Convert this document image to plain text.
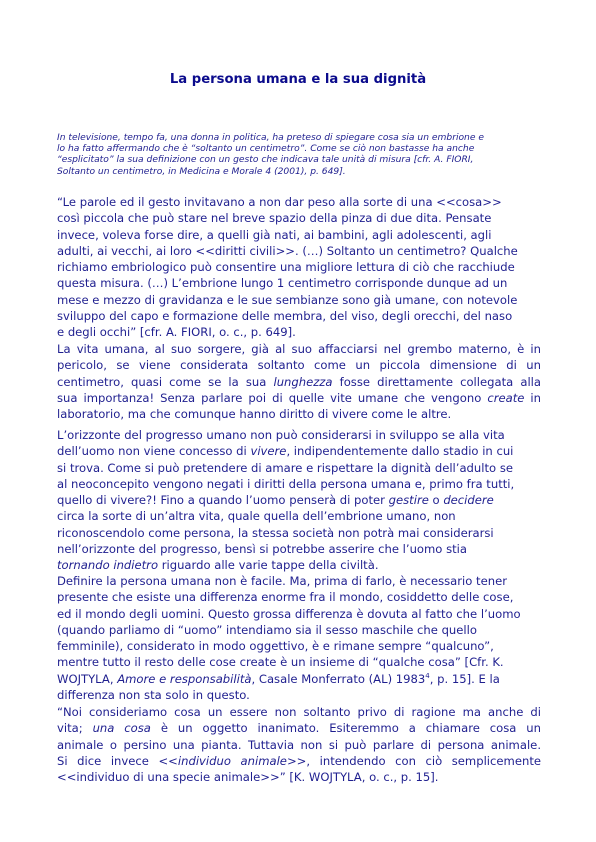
La persona umana e la sua dignità
In televisione, tempo fa, una donna in politica, ha preteso di spiegare cosa sia un embrione e
lo ha fatto affermando che è “soltanto un centimetro”. Come se ciò non bastasse ha anche
“esplicitato” la sua definizione con un gesto che indicava tale unità di misura [cfr. A. FIORI,
Soltanto un centimetro, in Medicina e Morale 4 (2001), p. 649].
“Le parole ed il gesto invitavano a non dar peso alla sorte di una <<cosa>>
così piccola che può stare nel breve spazio della pinza di due dita. Pensate
invece, voleva forse dire, a quelli già nati, ai bambini, agli adolescenti, agli
adulti, ai vecchi, ai loro <<diritti civili>>. (…) Soltanto un centimetro? Qualche
richiamo embriologico può consentire una migliore lettura di ciò che racchiude
questa misura. (…) L’embrione lungo 1 centimetro corrisponde dunque ad un
mese e mezzo di gravidanza e le sue sembianze sono già umane, con notevole
sviluppo del capo e formazione delle membra, del viso, degli orecchi, del naso
e degli occhi” [cfr. A. FIORI, o. c., p. 649].
La vita umana, al suo sorgere, già al suo affacciarsi nel grembo materno, è in
pericolo, se viene considerata soltanto come un piccola dimensione di un
centimetro, quasi come se la sua lunghezza fosse direttamente collegata alla
sua importanza! Senza parlare poi di quelle vite umane che vengono create in
laboratorio, ma che comunque hanno diritto di vivere come le altre.
L’orizzonte del progresso umano non può considerarsi in sviluppo se alla vita
dell’uomo non viene concesso di vivere, indipendentemente dallo stadio in cui
si trova. Come si può pretendere di amare e rispettare la dignità dell’adulto se
al neoconcepito vengono negati i diritti della persona umana e, primo fra tutti,
quello di vivere?! Fino a quando l’uomo penserà di poter gestire o decidere
circa la sorte di un’altra vita, quale quella dell’embrione umano, non
riconoscendolo come persona, la stessa società non potrà mai considerarsi
nell’orizzonte del progresso, bensì si potrebbe asserire che l’uomo stia
tornando indietro riguardo alle varie tappe della civiltà.
Definire la persona umana non è facile. Ma, prima di farlo, è necessario tener
presente che esiste una differenza enorme fra il mondo, cosiddetto delle cose,
ed il mondo degli uomini. Questo grossa differenza è dovuta al fatto che l’uomo
(quando parliamo di “uomo” intendiamo sia il sesso maschile che quello
femminile), considerato in modo oggettivo, è e rimane sempre “qualcuno”,
mentre tutto il resto delle cose create è un insieme di “qualche cosa” [Cfr. K.
WOJTYLA, Amore e responsabilità, Casale Monferrato (AL) 1983$^4$, p. 15]. E la
differenza non sta solo in questo.
“Noi consideriamo cosa un essere non soltanto privo di ragione ma anche di
vita; una cosa è un oggetto inanimato. Esiteremmo a chiamare cosa un
animale o persino una pianta. Tuttavia non si può parlare di persona animale.
Si dice invece <<individuo animale>>, intendendo con ciò semplicemente
<<individuo di una specie animale>>” [K. WOJTYLA, o. c., p. 15].
